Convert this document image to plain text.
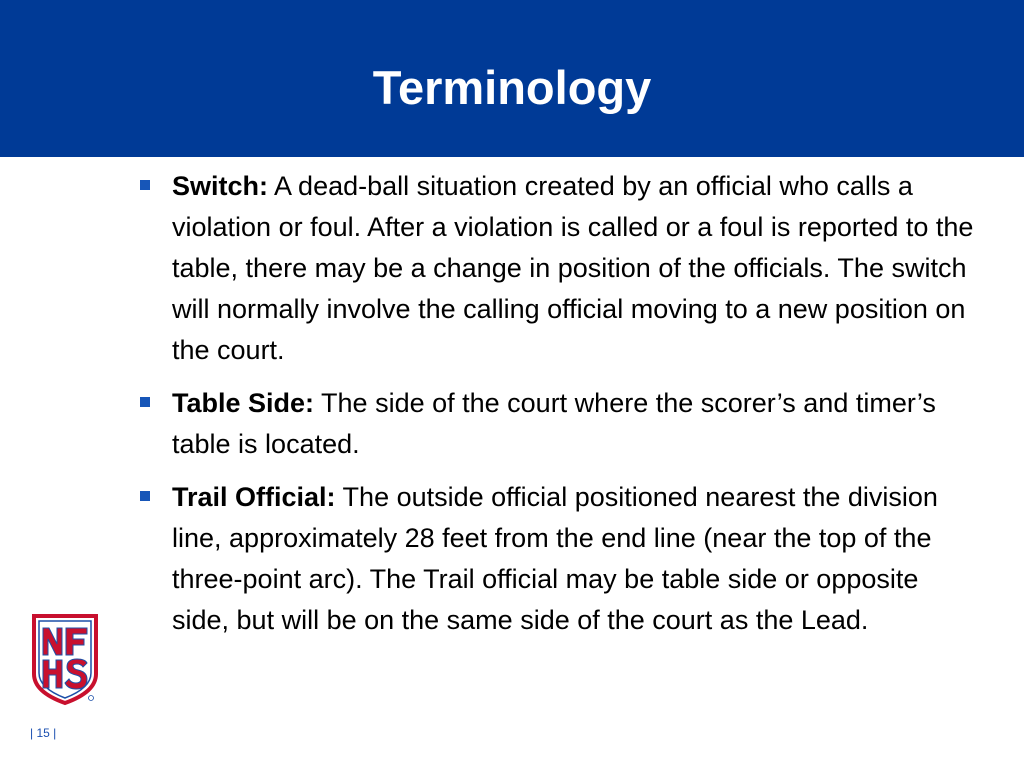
Terminology
Switch: A dead-ball situation created by an official who calls a violation or foul. After a violation is called or a foul is reported to the table, there may be a change in position of the officials. The switch will normally involve the calling official moving to a new position on the court.
Table Side: The side of the court where the scorer’s and timer’s table is located.
Trail Official: The outside official positioned nearest the division line, approximately 28 feet from the end line (near the top of the three-point arc). The Trail official may be table side or opposite side, but will be on the same side of the court as the Lead.
| 15 |
